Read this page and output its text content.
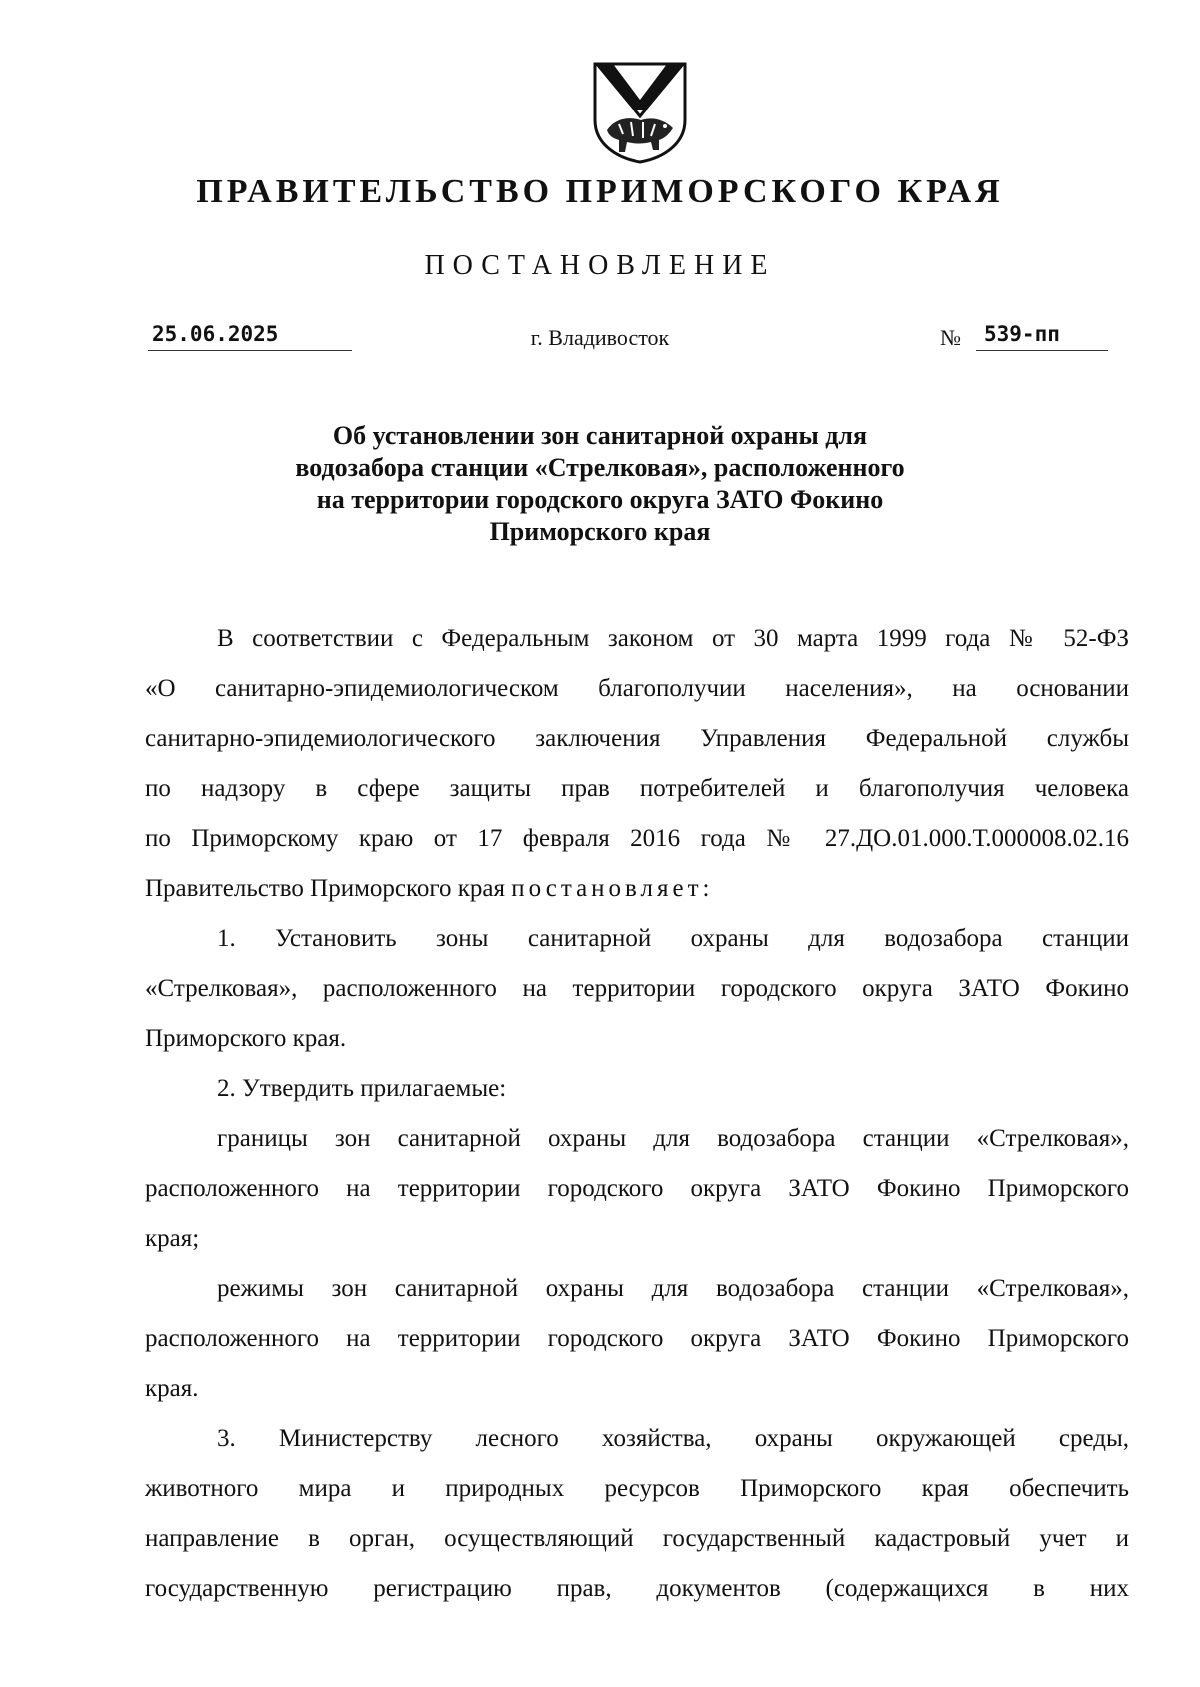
ПРАВИТЕЛЬСТВО ПРИМОРСКОГО КРАЯ
ПОСТАНОВЛЕНИЕ
25.06.2025	г. Владивосток	№	539-пп
Об установлении зон санитарной охраны для
водозабора станции «Стрелковая», расположенного
на территории городского округа ЗАТО Фокино
Приморского края
В соответствии с Федеральным законом от 30 марта 1999 года № 52-ФЗ
«О санитарно-эпидемиологическом благополучии населения», на основании
санитарно-эпидемиологического заключения Управления Федеральной службы
по надзору в сфере защиты прав потребителей и благополучия человека
по Приморскому краю от 17 февраля 2016 года № 27.ДО.01.000.Т.000008.02.16
Правительство Приморского края постановляет:
1. Установить зоны санитарной охраны для водозабора станции
«Стрелковая», расположенного на территории городского округа ЗАТО Фокино
Приморского края.
2. Утвердить прилагаемые:
границы зон санитарной охраны для водозабора станции «Стрелковая»,
расположенного на территории городского округа ЗАТО Фокино Приморского
края;
режимы зон санитарной охраны для водозабора станции «Стрелковая»,
расположенного на территории городского округа ЗАТО Фокино Приморского
края.
3. Министерству лесного хозяйства, охраны окружающей среды,
животного мира и природных ресурсов Приморского края обеспечить
направление в орган, осуществляющий государственный кадастровый учет и
государственную регистрацию прав, документов (содержащихся в них
